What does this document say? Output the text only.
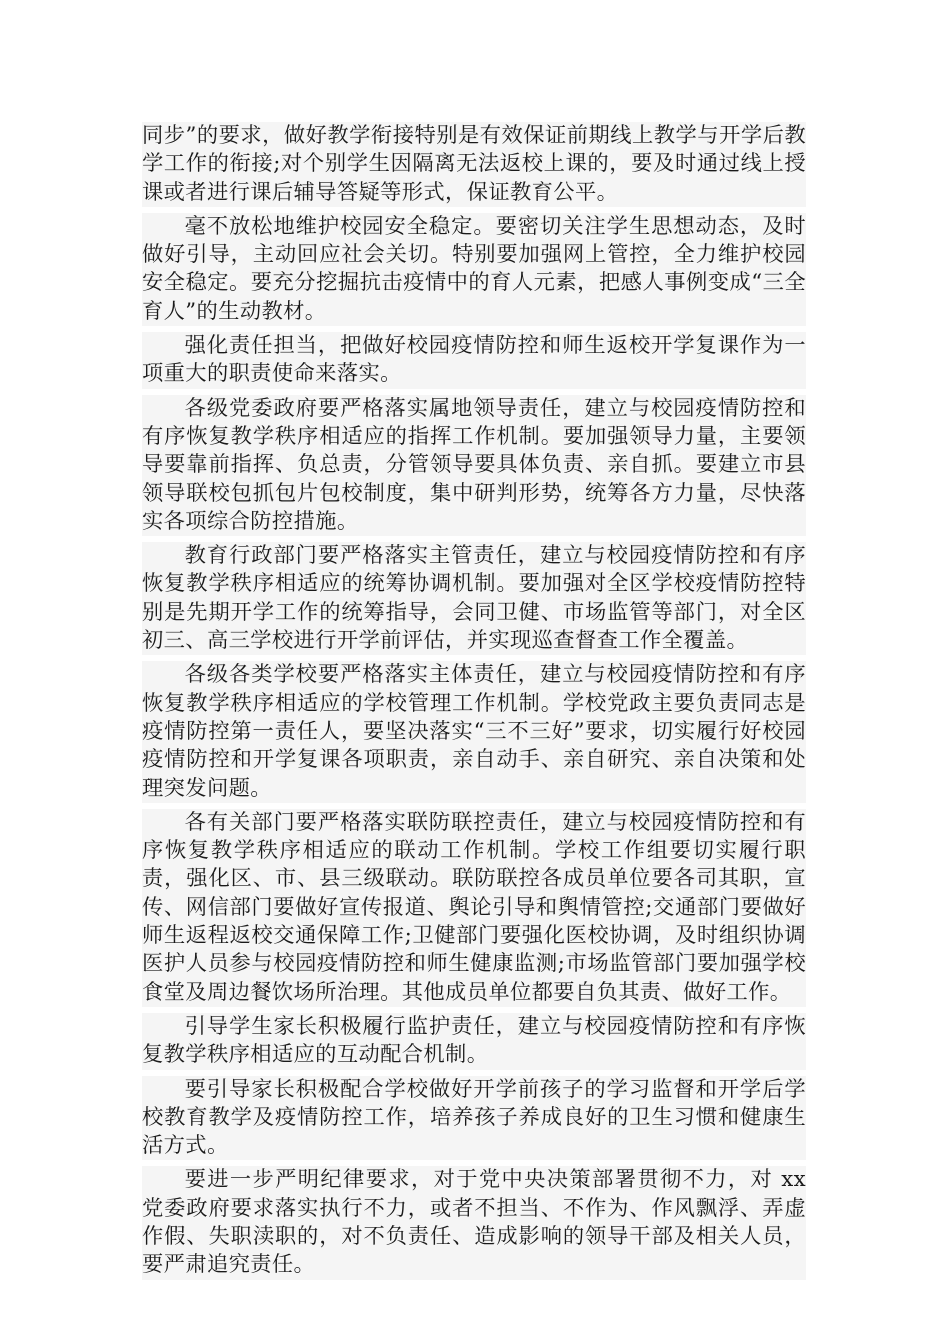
同步”的要求，做好教学衔接特别是有效保证前期线上教学与开学后教学工作的衔接;对个别学生因隔离无法返校上课的，要及时通过线上授课或者进行课后辅导答疑等形式，保证教育公平。

毫不放松地维护校园安全稳定。要密切关注学生思想动态，及时做好引导，主动回应社会关切。特别要加强网上管控，全力维护校园安全稳定。要充分挖掘抗击疫情中的育人元素，把感人事例变成“三全育人”的生动教材。

强化责任担当，把做好校园疫情防控和师生返校开学复课作为一项重大的职责使命来落实。

各级党委政府要严格落实属地领导责任，建立与校园疫情防控和有序恢复教学秩序相适应的指挥工作机制。要加强领导力量，主要领导要靠前指挥、负总责，分管领导要具体负责、亲自抓。要建立市县领导联校包抓包片包校制度，集中研判形势，统筹各方力量，尽快落实各项综合防控措施。

教育行政部门要严格落实主管责任，建立与校园疫情防控和有序恢复教学秩序相适应的统筹协调机制。要加强对全区学校疫情防控特别是先期开学工作的统筹指导，会同卫健、市场监管等部门，对全区初三、高三学校进行开学前评估，并实现巡查督查工作全覆盖。

各级各类学校要严格落实主体责任，建立与校园疫情防控和有序恢复教学秩序相适应的学校管理工作机制。学校党政主要负责同志是疫情防控第一责任人，要坚决落实“三不三好”要求，切实履行好校园疫情防控和开学复课各项职责，亲自动手、亲自研究、亲自决策和处理突发问题。

各有关部门要严格落实联防联控责任，建立与校园疫情防控和有序恢复教学秩序相适应的联动工作机制。学校工作组要切实履行职责，强化区、市、县三级联动。联防联控各成员单位要各司其职，宣传、网信部门要做好宣传报道、舆论引导和舆情管控;交通部门要做好师生返程返校交通保障工作;卫健部门要强化医校协调，及时组织协调医护人员参与校园疫情防控和师生健康监测;市场监管部门要加强学校食堂及周边餐饮场所治理。其他成员单位都要自负其责、做好工作。

引导学生家长积极履行监护责任，建立与校园疫情防控和有序恢复教学秩序相适应的互动配合机制。

要引导家长积极配合学校做好开学前孩子的学习监督和开学后学校教育教学及疫情防控工作，培养孩子养成良好的卫生习惯和健康生活方式。

要进一步严明纪律要求，对于党中央决策部署贯彻不力，对 xx 党委政府要求落实执行不力，或者不担当、不作为、作风飘浮、弄虚作假、失职渎职的，对不负责任、造成影响的领导干部及相关人员，要严肃追究责任。
